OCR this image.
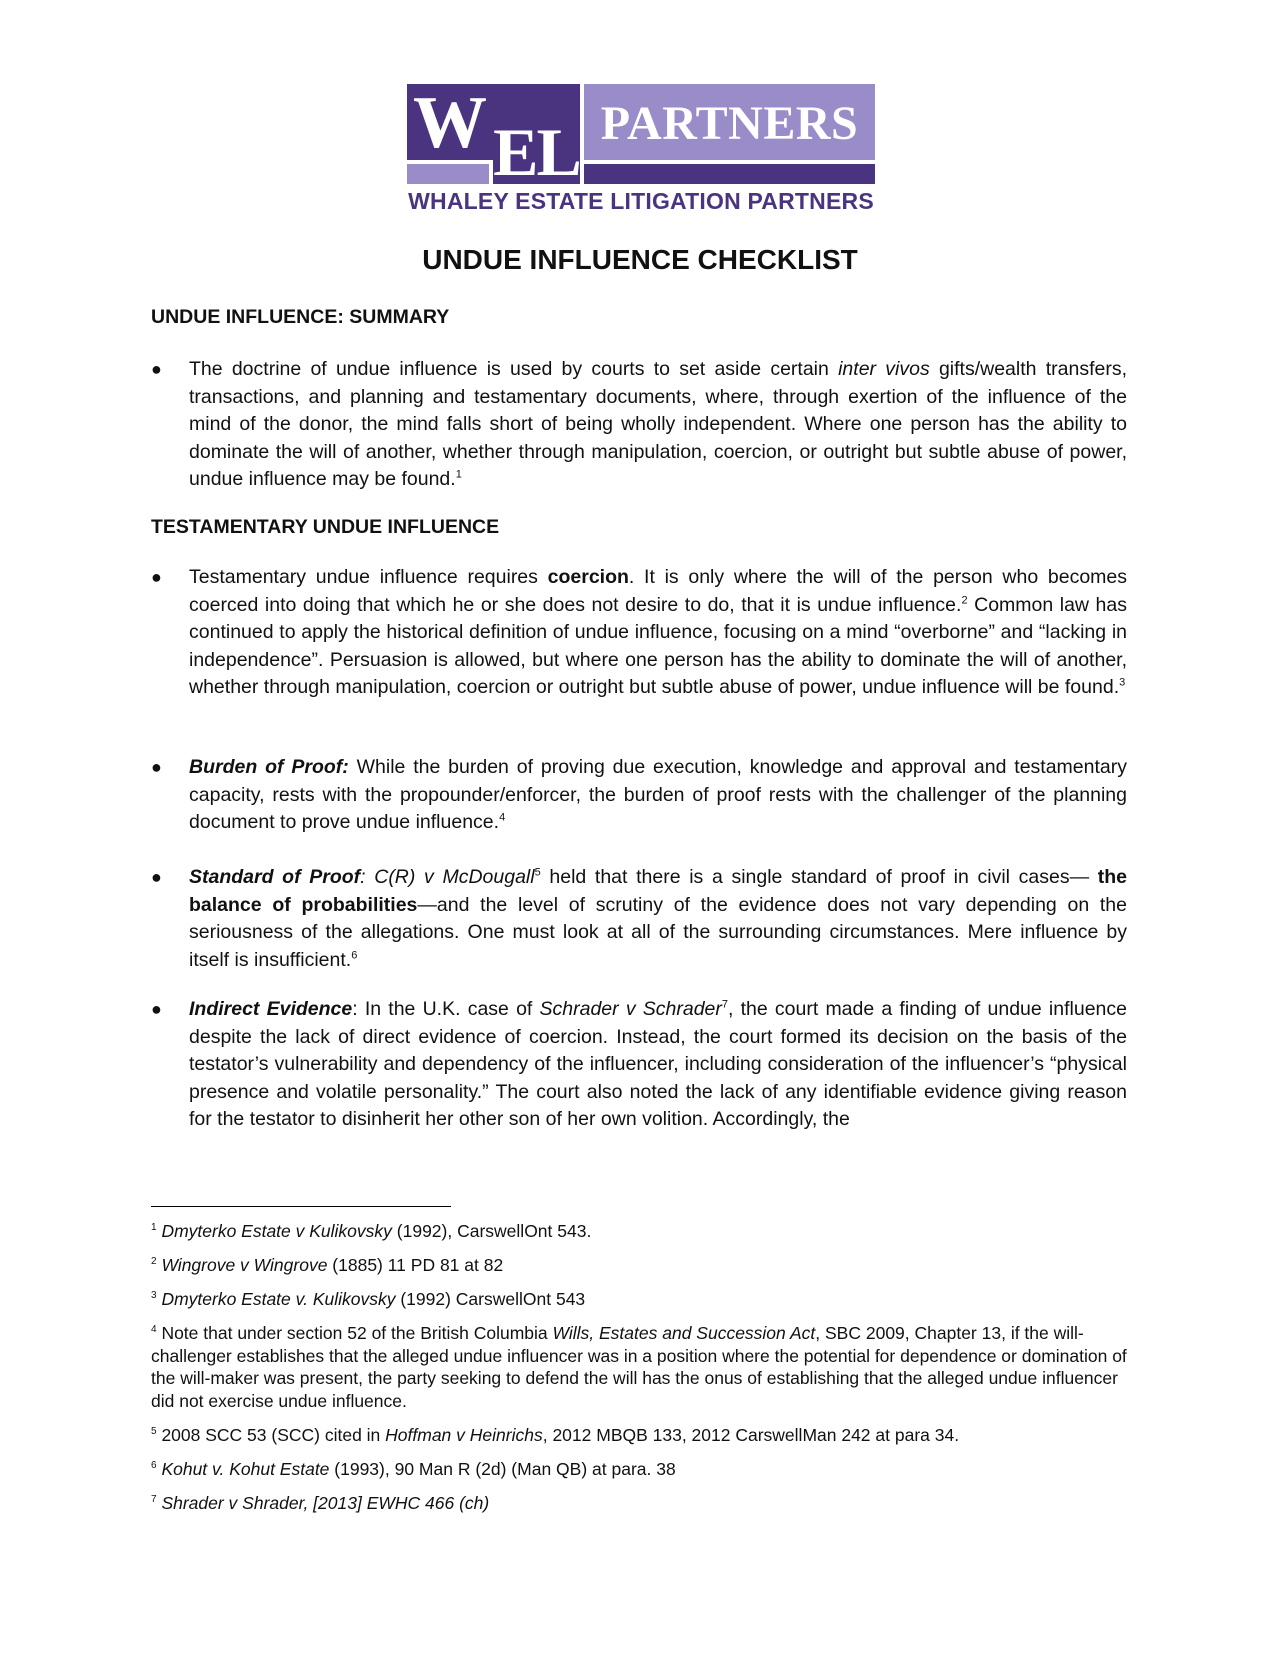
W EL PARTNERS
WHALEY ESTATE LITIGATION PARTNERS
UNDUE INFLUENCE CHECKLIST
UNDUE INFLUENCE: SUMMARY
● The doctrine of undue influence is used by courts to set aside certain inter vivos gifts/wealth transfers, transactions, and planning and testamentary documents, where, through exertion of the influence of the mind of the donor, the mind falls short of being wholly independent. Where one person has the ability to dominate the will of another, whether through manipulation, coercion, or outright but subtle abuse of power, undue influence may be found.$^1$
TESTAMENTARY UNDUE INFLUENCE
● Testamentary undue influence requires coercion. It is only where the will of the person who becomes coerced into doing that which he or she does not desire to do, that it is undue influence.$^2$ Common law has continued to apply the historical definition of undue influence, focusing on a mind “overborne” and “lacking in independence”. Persuasion is allowed, but where one person has the ability to dominate the will of another, whether through manipulation, coercion or outright but subtle abuse of power, undue influence will be found.$^3$
● Burden of Proof: While the burden of proving due execution, knowledge and approval and testamentary capacity, rests with the propounder/enforcer, the burden of proof rests with the challenger of the planning document to prove undue influence.$^4$
● Standard of Proof: C(R) v McDougall$^5$ held that there is a single standard of proof in civil cases— the balance of probabilities—and the level of scrutiny of the evidence does not vary depending on the seriousness of the allegations. One must look at all of the surrounding circumstances. Mere influence by itself is insufficient.$^6$
● Indirect Evidence: In the U.K. case of Schrader v Schrader$^7$, the court made a finding of undue influence despite the lack of direct evidence of coercion. Instead, the court formed its decision on the basis of the testator’s vulnerability and dependency of the influencer, including consideration of the influencer’s “physical presence and volatile personality.” The court also noted the lack of any identifiable evidence giving reason for the testator to disinherit her other son of her own volition. Accordingly, the
$^1$ Dmyterko Estate v Kulikovsky (1992), CarswellOnt 543.
$^2$ Wingrove v Wingrove (1885) 11 PD 81 at 82
$^3$ Dmyterko Estate v. Kulikovsky (1992) CarswellOnt 543
$^4$ Note that under section 52 of the British Columbia Wills, Estates and Succession Act, SBC 2009, Chapter 13, if the will-challenger establishes that the alleged undue influencer was in a position where the potential for dependence or domination of the will-maker was present, the party seeking to defend the will has the onus of establishing that the alleged undue influencer did not exercise undue influence.
$^5$ 2008 SCC 53 (SCC) cited in Hoffman v Heinrichs, 2012 MBQB 133, 2012 CarswellMan 242 at para 34.
$^6$ Kohut v. Kohut Estate (1993), 90 Man R (2d) (Man QB) at para. 38
$^7$ Shrader v Shrader, [2013] EWHC 466 (ch)
